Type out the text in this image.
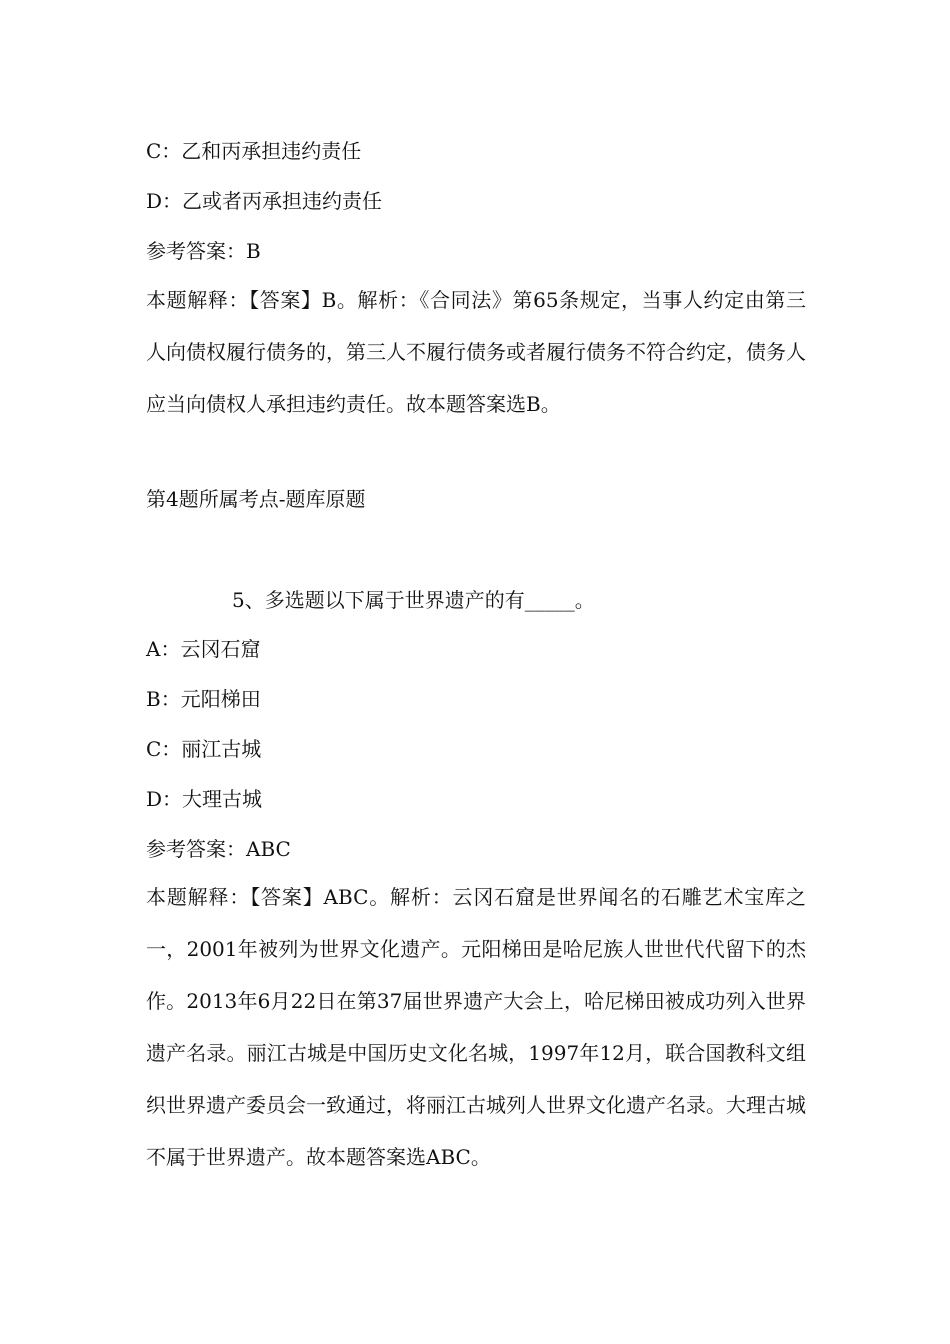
C：乙和丙承担违约责任
D：乙或者丙承担违约责任
参考答案：B
本题解释：【答案】B。解析：《合同法》第65条规定，当事人约定由第三人向债权履行债务的，第三人不履行债务或者履行债务不符合约定，债务人应当向债权人承担违约责任。故本题答案选B。
第4题所属考点-题库原题
5、多选题以下属于世界遗产的有_____。
A：云冈石窟
B：元阳梯田
C：丽江古城
D：大理古城
参考答案：ABC
本题解释：【答案】ABC。解析：云冈石窟是世界闻名的石雕艺术宝库之一，2001年被列为世界文化遗产。元阳梯田是哈尼族人世世代代留下的杰作。2013年6月22日在第37届世界遗产大会上，哈尼梯田被成功列入世界遗产名录。丽江古城是中国历史文化名城，1997年12月，联合国教科文组织世界遗产委员会一致通过，将丽江古城列人世界文化遗产名录。大理古城不属于世界遗产。故本题答案选ABC。
